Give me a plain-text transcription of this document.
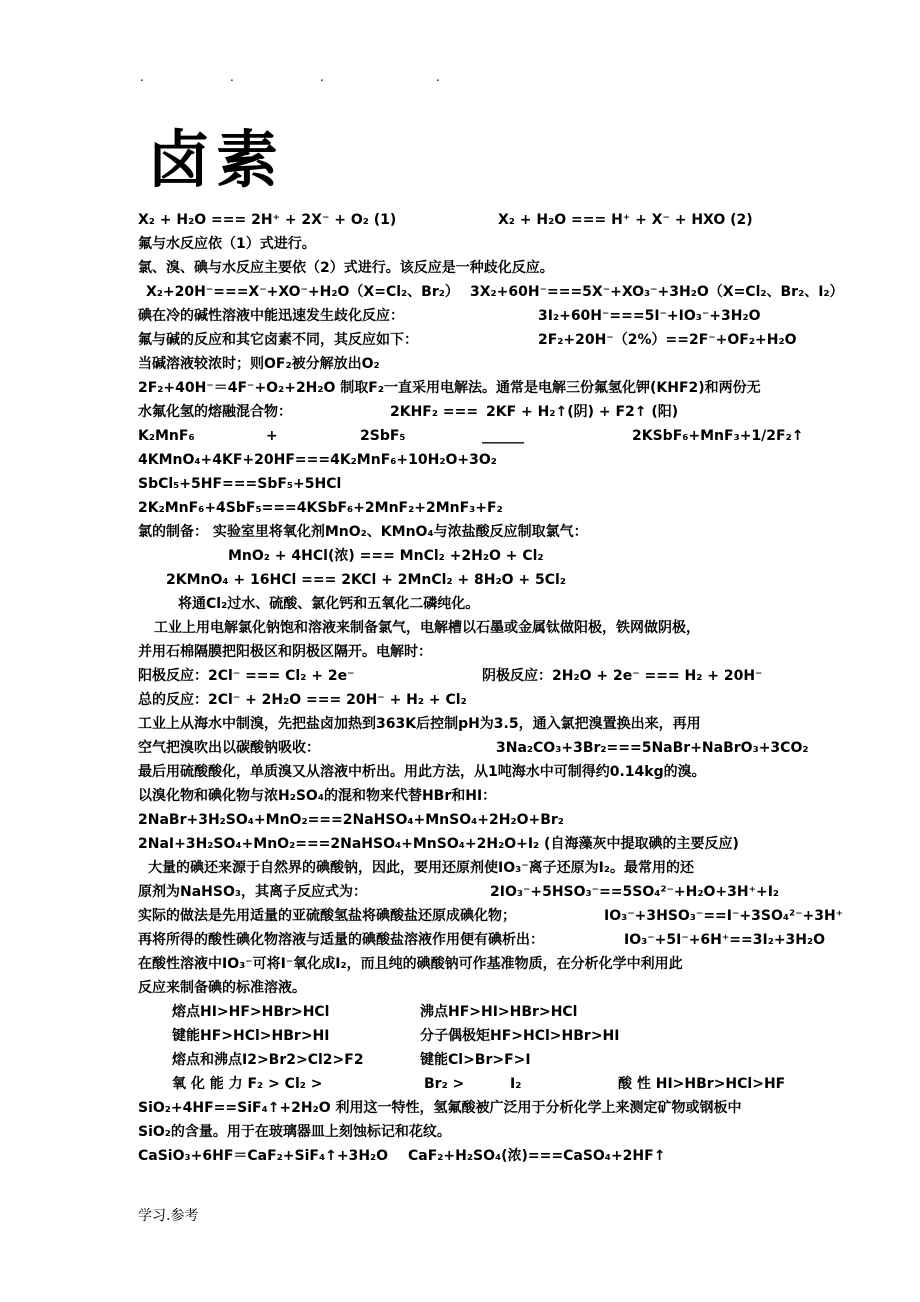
.	.	.	.
卤素
X₂ + H₂O === 2H⁺ + 2X⁻ + O₂ (1)	X₂ + H₂O === H⁺ + X⁻ + HXO (2)
氟与水反应依（1）式进行。
氯、溴、碘与水反应主要依（2）式进行。该反应是一种歧化反应。
X₂+20H⁻===X⁻+XO⁻+H₂O（X=Cl₂、Br₂） 3X₂+60H⁻===5X⁻+XO₃⁻+3H₂O（X=Cl₂、Br₂、I₂）
碘在冷的碱性溶液中能迅速发生歧化反应：	3I₂+60H⁻===5I⁻+IO₃⁻+3H₂O
氟与碱的反应和其它卤素不同，其反应如下：	2F₂+20H⁻（2%）==2F⁻+OF₂+H₂O
当碱溶液较浓时；则OF₂被分解放出O₂
2F₂+40H⁻＝4F⁻+O₂+2H₂O 制取F₂一直采用电解法。通常是电解三份氟氢化钾(KHF2)和两份无
水氟化氢的熔融混合物：	2KHF₂ === 2KF + H₂↑(阴) + F2↑ (阳)
K₂MnF₆	+	2SbF₅	______	2KSbF₆+MnF₃+1/2F₂↑
4KMnO₄+4KF+20HF===4K₂MnF₆+10H₂O+3O₂
SbCl₅+5HF===SbF₅+5HCl
2K₂MnF₆+4SbF₅===4KSbF₆+2MnF₂+2MnF₃+F₂
氯的制备： 实验室里将氧化剂MnO₂、KMnO₄与浓盐酸反应制取氯气：
MnO₂ + 4HCl(浓) === MnCl₂ +2H₂O + Cl₂
2KMnO₄ + 16HCl === 2KCl + 2MnCl₂ + 8H₂O + 5Cl₂
将通Cl₂过水、硫酸、氯化钙和五氧化二磷纯化。
工业上用电解氯化钠饱和溶液来制备氯气，电解槽以石墨或金属钛做阳极，铁网做阴极，
并用石棉隔膜把阳极区和阴极区隔开。电解时：
阳极反应：2Cl⁻ === Cl₂ + 2e⁻	阴极反应：2H₂O + 2e⁻ === H₂ + 20H⁻
总的反应：2Cl⁻ + 2H₂O === 20H⁻ + H₂ + Cl₂
工业上从海水中制溴，先把盐卤加热到363K后控制pH为3.5，通入氯把溴置换出来，再用
空气把溴吹出以碳酸钠吸收：	3Na₂CO₃+3Br₂===5NaBr+NaBrO₃+3CO₂
最后用硫酸酸化，单质溴又从溶液中析出。用此方法，从1吨海水中可制得约0.14kg的溴。
以溴化物和碘化物与浓H₂SO₄的混和物来代替HBr和HI：
2NaBr+3H₂SO₄+MnO₂===2NaHSO₄+MnSO₄+2H₂O+Br₂
2NaI+3H₂SO₄+MnO₂===2NaHSO₄+MnSO₄+2H₂O+I₂ (自海藻灰中提取碘的主要反应)
大量的碘还来源于自然界的碘酸钠，因此，要用还原剂使IO₃⁻离子还原为I₂。最常用的还
原剂为NaHSO₃，其离子反应式为：	2IO₃⁻+5HSO₃⁻==5SO₄²⁻+H₂O+3H⁺+I₂
实际的做法是先用适量的亚硫酸氢盐将碘酸盐还原成碘化物；	IO₃⁻+3HSO₃⁻==I⁻+3SO₄²⁻+3H⁺
再将所得的酸性碘化物溶液与适量的碘酸盐溶液作用便有碘析出：	IO₃⁻+5I⁻+6H⁺==3I₂+3H₂O
在酸性溶液中IO₃⁻可将I⁻氧化成I₂，而且纯的碘酸钠可作基准物质，在分析化学中利用此
反应来制备碘的标准溶液。
熔点HI>HF>HBr>HCl	沸点HF>HI>HBr>HCl
键能HF>HCl>HBr>HI	分子偶极矩HF>HCl>HBr>HI
熔点和沸点I2>Br2>Cl2>F2	键能Cl>Br>F>I
氧 化 能 力 F₂ > Cl₂ >	Br₂ >	I₂	酸 性 HI>HBr>HCl>HF
SiO₂+4HF==SiF₄↑+2H₂O 利用这一特性，氢氟酸被广泛用于分析化学上来测定矿物或钢板中
SiO₂的含量。用于在玻璃器皿上刻蚀标记和花纹。
CaSiO₃+6HF＝CaF₂+SiF₄↑+3H₂O CaF₂+H₂SO₄(浓)===CaSO₄+2HF↑
学习.参考
